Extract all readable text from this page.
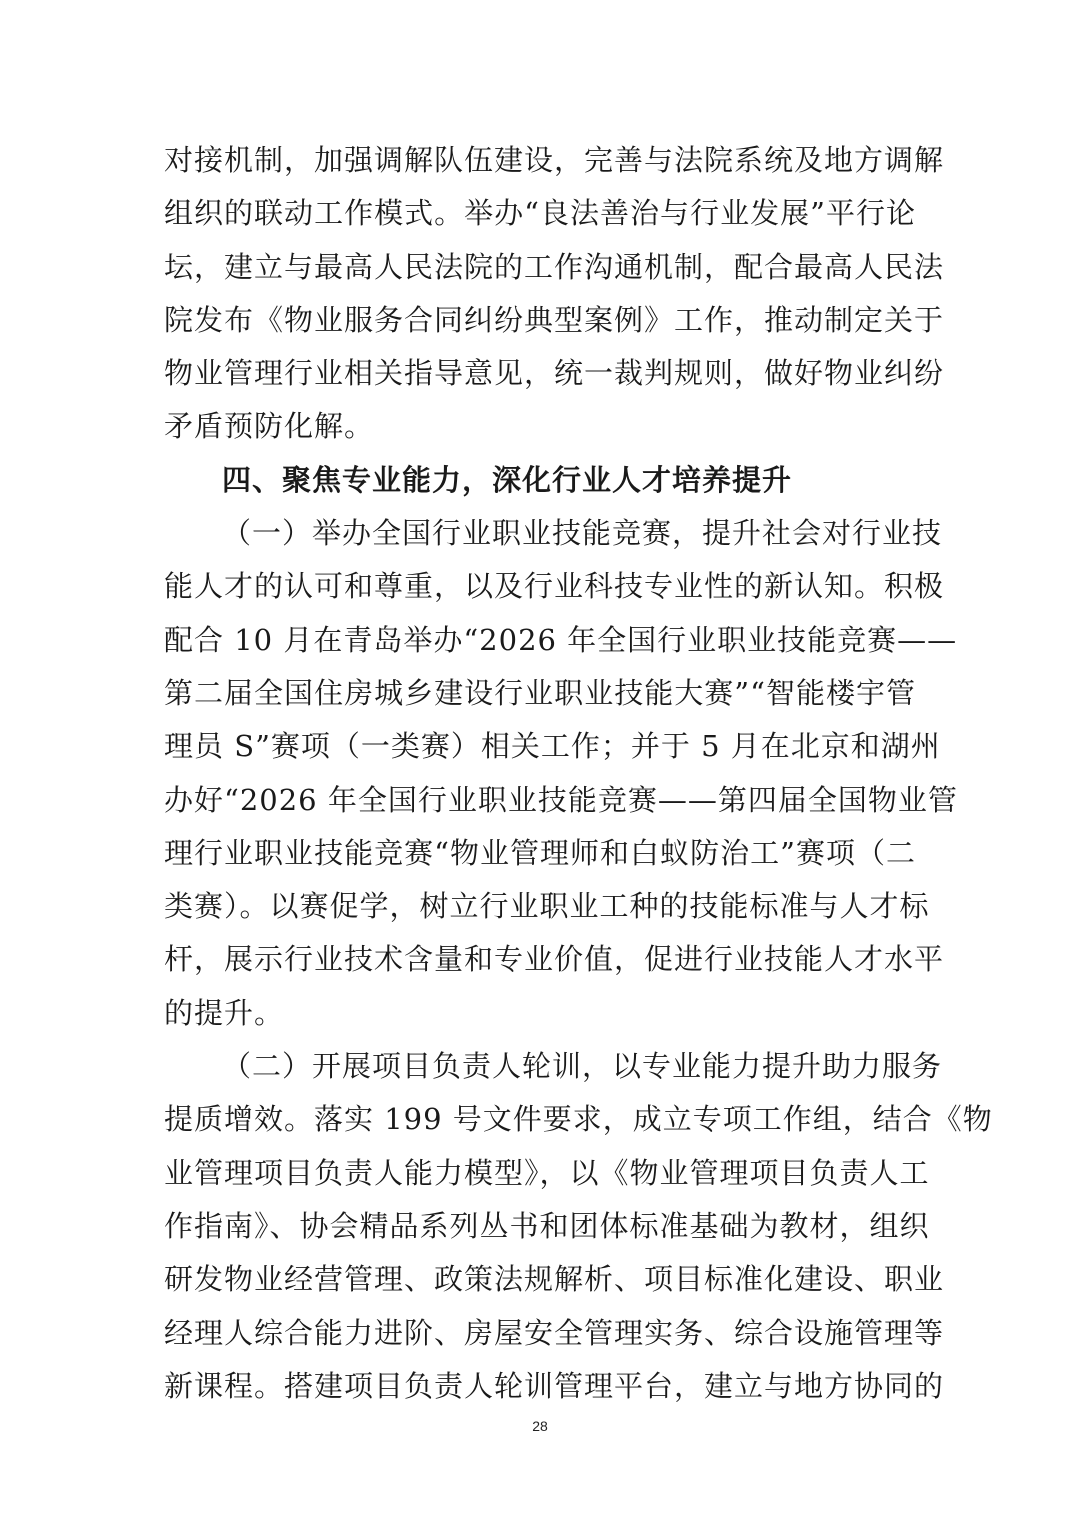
对接机制，加强调解队伍建设，完善与法院系统及地方调解
组织的联动工作模式。举办“良法善治与行业发展”平行论
坛，建立与最高人民法院的工作沟通机制，配合最高人民法
院发布《物业服务合同纠纷典型案例》工作，推动制定关于
物业管理行业相关指导意见，统一裁判规则，做好物业纠纷
矛盾预防化解。
四、聚焦专业能力，深化行业人才培养提升
（一）举办全国行业职业技能竞赛，提升社会对行业技
能人才的认可和尊重，以及行业科技专业性的新认知。积极
配合 10 月在青岛举办“2026 年全国行业职业技能竞赛——
第二届全国住房城乡建设行业职业技能大赛”“智能楼宇管
理员 S”赛项（一类赛）相关工作；并于 5 月在北京和湖州
办好“2026 年全国行业职业技能竞赛——第四届全国物业管
理行业职业技能竞赛“物业管理师和白蚁防治工”赛项（二
类赛）。以赛促学，树立行业职业工种的技能标准与人才标
杆，展示行业技术含量和专业价值，促进行业技能人才水平
的提升。
（二）开展项目负责人轮训，以专业能力提升助力服务
提质增效。落实 199 号文件要求，成立专项工作组，结合《物
业管理项目负责人能力模型》，以《物业管理项目负责人工
作指南》、协会精品系列丛书和团体标准基础为教材，组织
研发物业经营管理、政策法规解析、项目标准化建设、职业
经理人综合能力进阶、房屋安全管理实务、综合设施管理等
新课程。搭建项目负责人轮训管理平台，建立与地方协同的
28
